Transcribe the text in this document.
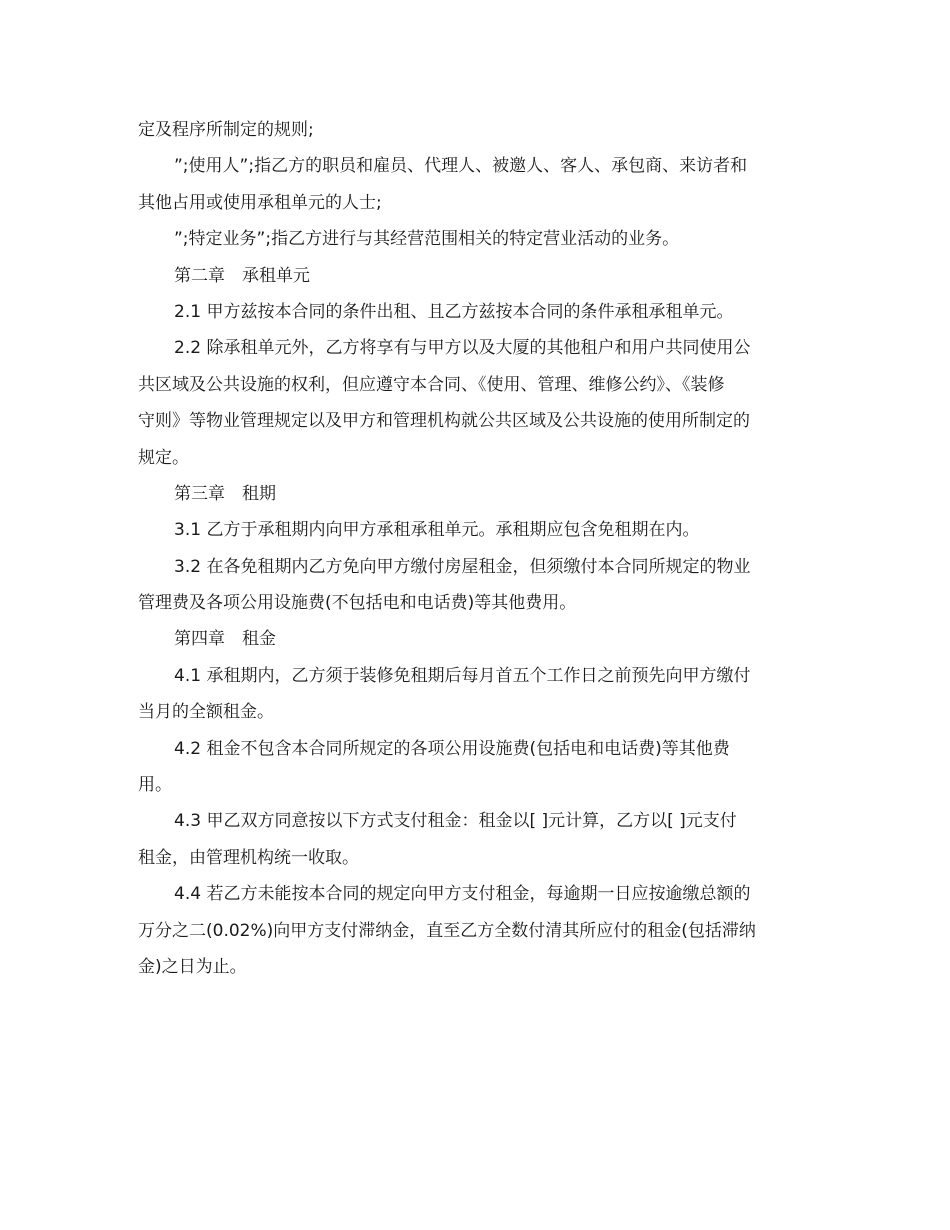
定及程序所制定的规则;
”;使用人”;指乙方的职员和雇员、代理人、被邀人、客人、承包商、来访者和
其他占用或使用承租单元的人士;
”;特定业务”;指乙方进行与其经营范围相关的特定营业活动的业务。
第二章　承租单元
2.1 甲方兹按本合同的条件出租、且乙方兹按本合同的条件承租承租单元。
2.2 除承租单元外，乙方将享有与甲方以及大厦的其他租户和用户共同使用公
共区域及公共设施的权利，但应遵守本合同、《使用、管理、维修公约》、《装修
守则》等物业管理规定以及甲方和管理机构就公共区域及公共设施的使用所制定的
规定。
第三章　租期
3.1 乙方于承租期内向甲方承租承租单元。承租期应包含免租期在内。
3.2 在各免租期内乙方免向甲方缴付房屋租金，但须缴付本合同所规定的物业
管理费及各项公用设施费(不包括电和电话费)等其他费用。
第四章　租金
4.1 承租期内，乙方须于装修免租期后每月首五个工作日之前预先向甲方缴付
当月的全额租金。
4.2 租金不包含本合同所规定的各项公用设施费(包括电和电话费)等其他费
用。
4.3 甲乙双方同意按以下方式支付租金：租金以[ ]元计算，乙方以[ ]元支付
租金，由管理机构统一收取。
4.4 若乙方未能按本合同的规定向甲方支付租金，每逾期一日应按逾缴总额的
万分之二(0.02%)向甲方支付滞纳金，直至乙方全数付清其所应付的租金(包括滞纳
金)之日为止。
